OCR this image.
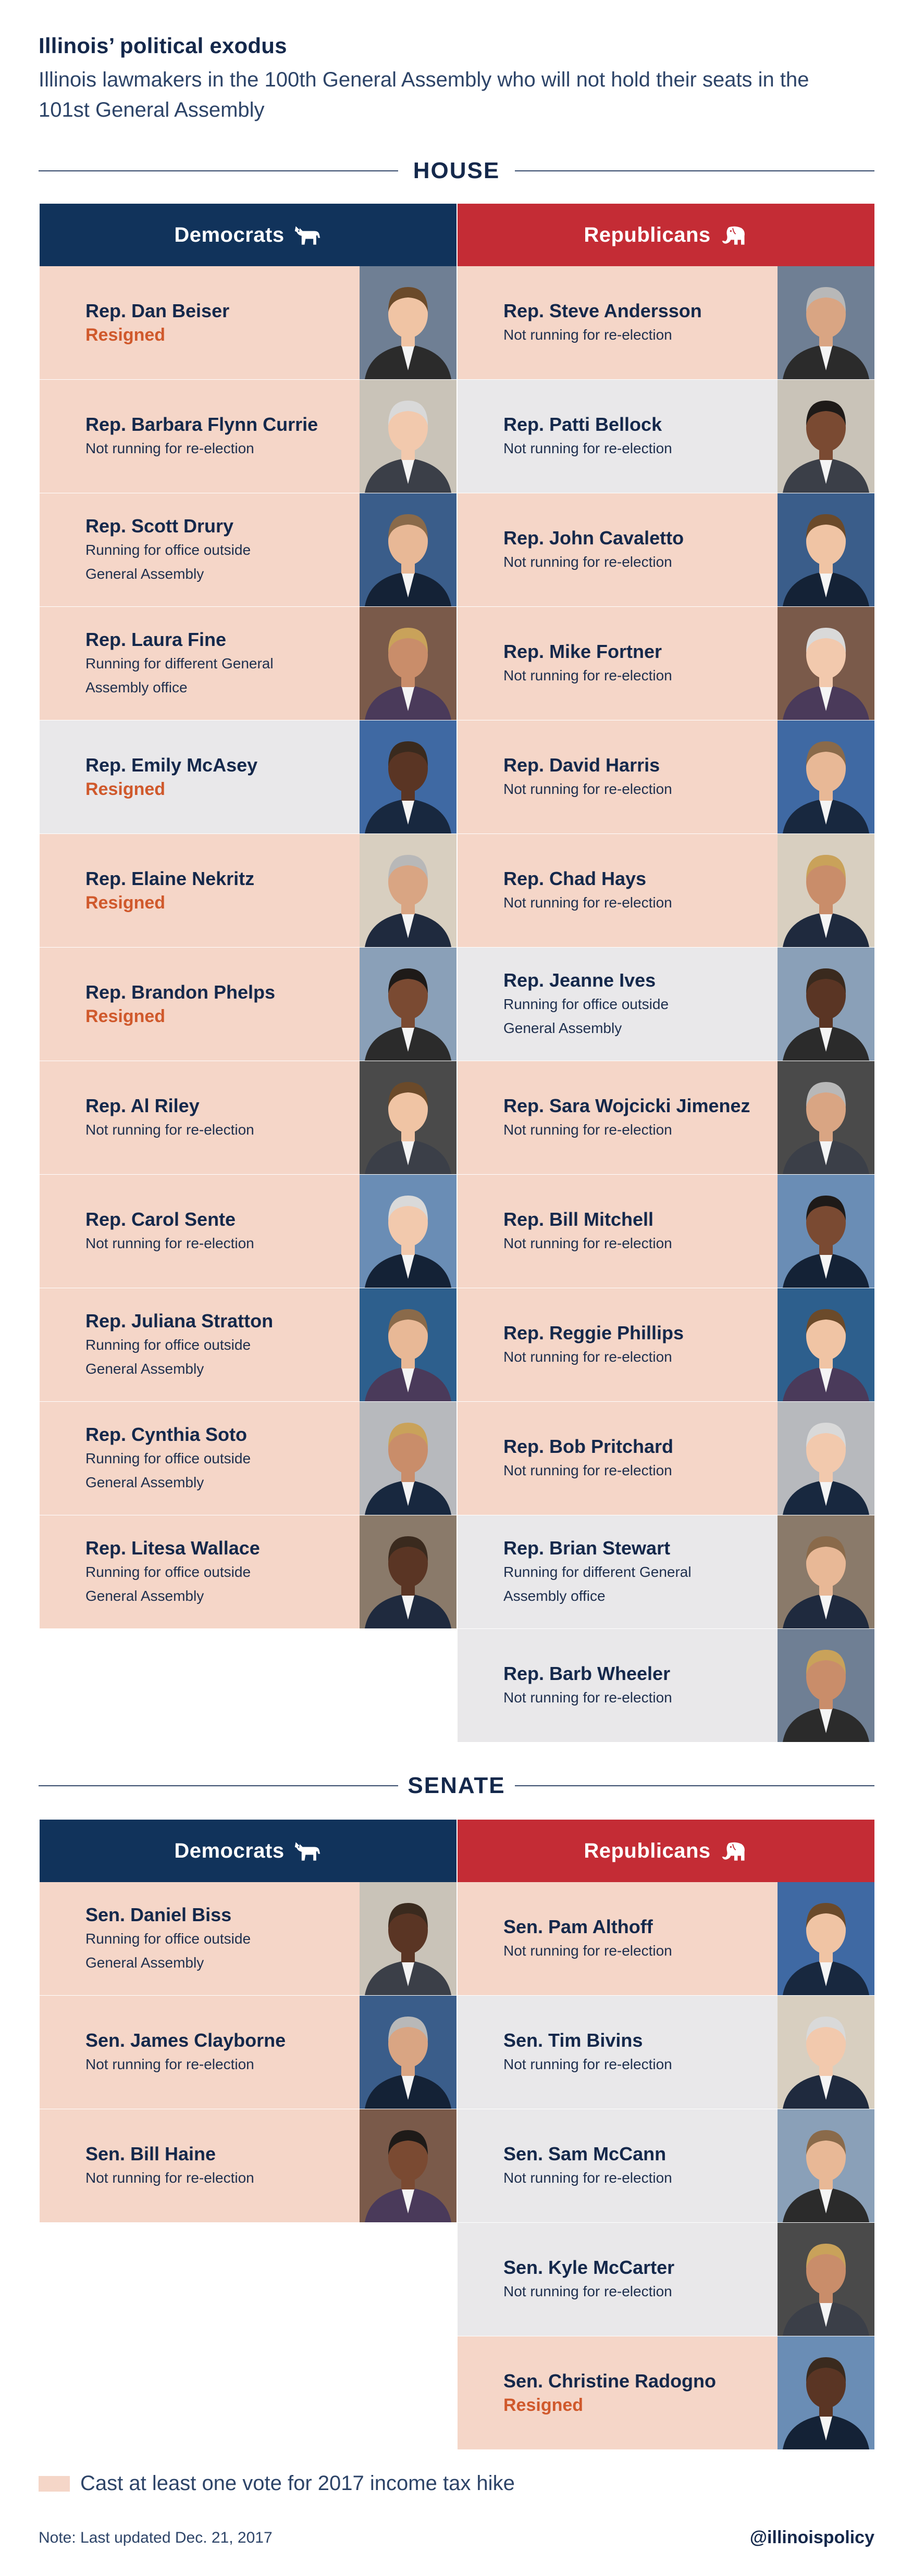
Illinois’ political exodus
Illinois lawmakers in the 100th General Assembly who will not hold their seats in the 101st General Assembly
HOUSE
Democrats
Rep. Dan Beiser
Resigned
Rep. Barbara Flynn Currie
Not running for re-election
Rep. Scott Drury
Running for office outside General Assembly
Rep. Laura Fine
Running for different General Assembly office
Rep. Emily McAsey
Resigned
Rep. Elaine Nekritz
Resigned
Rep. Brandon Phelps
Resigned
Rep. Al Riley
Not running for re-election
Rep. Carol Sente
Not running for re-election
Rep. Juliana Stratton
Running for office outside General Assembly
Rep. Cynthia Soto
Running for office outside General Assembly
Rep. Litesa Wallace
Running for office outside General Assembly
Republicans
Rep. Steve Andersson
Not running for re-election
Rep. Patti Bellock
Not running for re-election
Rep. John Cavaletto
Not running for re-election
Rep. Mike Fortner
Not running for re-election
Rep. David Harris
Not running for re-election
Rep. Chad Hays
Not running for re-election
Rep. Jeanne Ives
Running for office outside General Assembly
Rep. Sara Wojcicki Jimenez
Not running for re-election
Rep. Bill Mitchell
Not running for re-election
Rep. Reggie Phillips
Not running for re-election
Rep. Bob Pritchard
Not running for re-election
Rep. Brian Stewart
Running for different General Assembly office
Rep. Barb Wheeler
Not running for re-election
SENATE
Democrats
Sen. Daniel Biss
Running for office outside General Assembly
Sen. James Clayborne
Not running for re-election
Sen. Bill Haine
Not running for re-election
Republicans
Sen. Pam Althoff
Not running for re-election
Sen. Tim Bivins
Not running for re-election
Sen. Sam McCann
Not running for re-election
Sen. Kyle McCarter
Not running for re-election
Sen. Christine Radogno
Resigned
Cast at least one vote for 2017 income tax hike
Note: Last updated Dec. 21, 2017	@illinoispolicy
